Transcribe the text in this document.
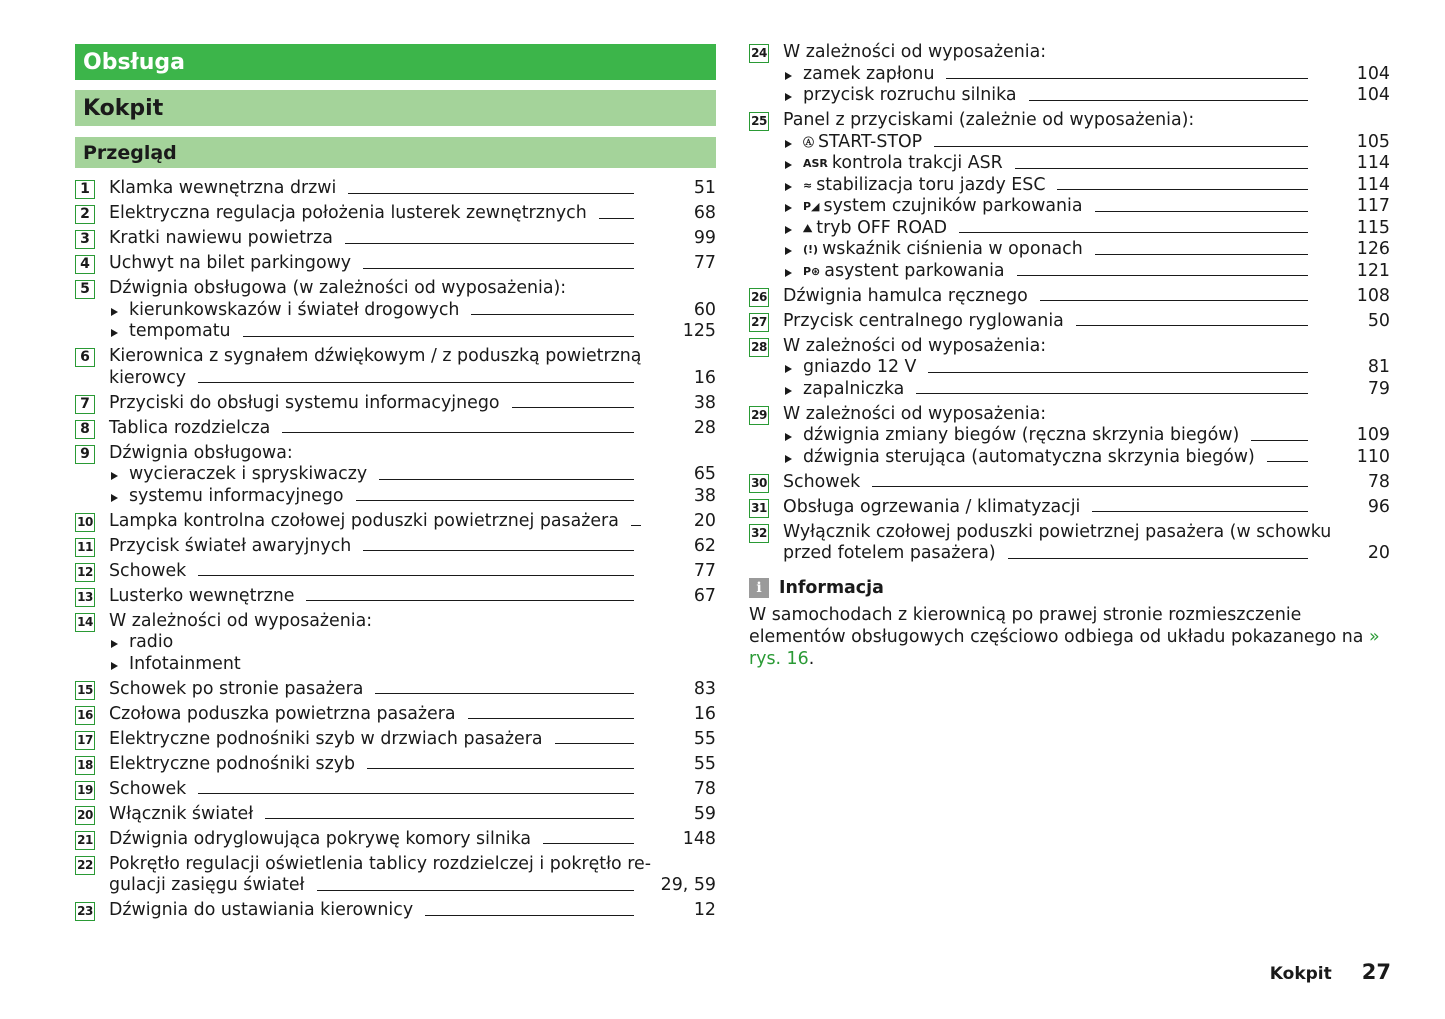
Obsługa
Kokpit
Przegląd
1 Klamka wewnętrzna drzwi	51
2 Elektryczna regulacja położenia lusterek zewnętrznych	68
3 Kratki nawiewu powietrza	99
4 Uchwyt na bilet parkingowy	77
5 Dźwignia obsługowa (w zależności od wyposażenia):
kierunkowskazów i świateł drogowych	60
tempomatu	125
6 Kierownica z sygnałem dźwiękowym / z poduszką powietrzną
kierowcy	16
7 Przyciski do obsługi systemu informacyjnego	38
8 Tablica rozdzielcza	28
9 Dźwignia obsługowa:
wycieraczek i spryskiwaczy	65
systemu informacyjnego	38
10 Lampka kontrolna czołowej poduszki powietrznej pasażera	20
11 Przycisk świateł awaryjnych	62
12 Schowek	77
13 Lusterko wewnętrzne	67
14 W zależności od wyposażenia:
radio
Infotainment
15 Schowek po stronie pasażera	83
16 Czołowa poduszka powietrzna pasażera	16
17 Elektryczne podnośniki szyb w drzwiach pasażera	55
18 Elektryczne podnośniki szyb	55
19 Schowek	78
20 Włącznik świateł	59
21 Dźwignia odryglowująca pokrywę komory silnika	148
22 Pokrętło regulacji oświetlenia tablicy rozdzielczej i pokrętło re-
gulacji zasięgu świateł	29, 59
23 Dźwignia do ustawiania kierownicy	12
24 W zależności od wyposażenia:
zamek zapłonu	104
przycisk rozruchu silnika	104
25 Panel z przyciskami (zależnie od wyposażenia):
Ⓐ START-STOP	105
ASR kontrola trakcji ASR	114
≈ stabilizacja toru jazdy ESC	114
P◢ system czujników parkowania	117
⛰ tryb OFF ROAD	115
(!) wskaźnik ciśnienia w oponach	126
P⊛ asystent parkowania	121
26 Dźwignia hamulca ręcznego	108
27 Przycisk centralnego ryglowania	50
28 W zależności od wyposażenia:
gniazdo 12 V	81
zapalniczka	79
29 W zależności od wyposażenia:
dźwignia zmiany biegów (ręczna skrzynia biegów)	109
dźwignia sterująca (automatyczna skrzynia biegów)	110
30 Schowek	78
31 Obsługa ogrzewania / klimatyzacji	96
32 Wyłącznik czołowej poduszki powietrznej pasażera (w schowku
przed fotelem pasażera)	20
i Informacja
W samochodach z kierownicą po prawej stronie rozmieszczenie elementów obsługowych częściowo odbiega od układu pokazanego na » rys. 16.
Kokpit 27
